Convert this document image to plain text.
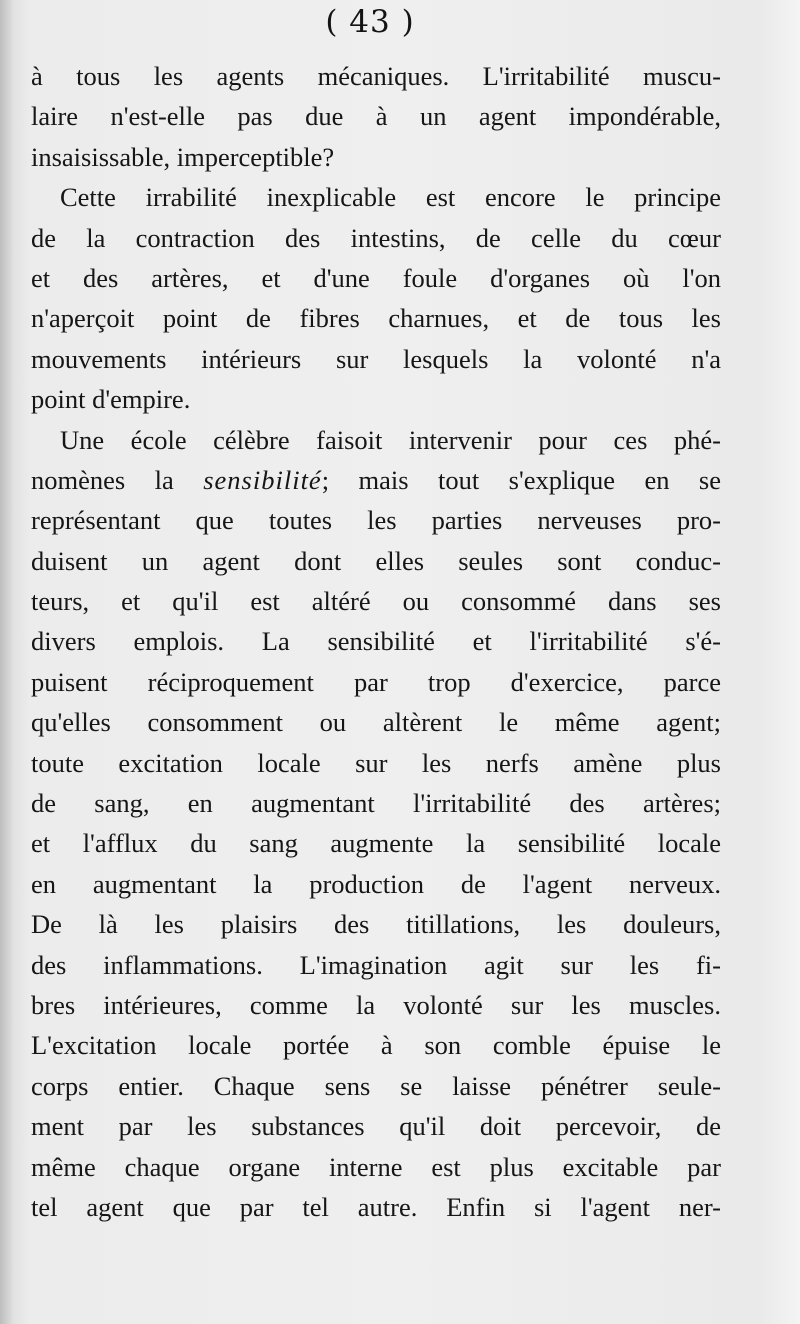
( 43 )
à tous les agents mécaniques. L'irritabilité muscu-
laire n'est-elle pas due à un agent impondérable,
insaisissable, imperceptible?
Cette irrabilité inexplicable est encore le principe
de la contraction des intestins, de celle du cœur
et des artères, et d'une foule d'organes où l'on
n'aperçoit point de fibres charnues, et de tous les
mouvements intérieurs sur lesquels la volonté n'a
point d'empire.
Une école célèbre faisoit intervenir pour ces phé-
nomènes la sensibilité; mais tout s'explique en se
représentant que toutes les parties nerveuses pro-
duisent un agent dont elles seules sont conduc-
teurs, et qu'il est altéré ou consommé dans ses
divers emplois. La sensibilité et l'irritabilité s'é-
puisent réciproquement par trop d'exercice, parce
qu'elles consomment ou altèrent le même agent;
toute excitation locale sur les nerfs amène plus
de sang, en augmentant l'irritabilité des artères;
et l'afflux du sang augmente la sensibilité locale
en augmentant la production de l'agent nerveux.
De là les plaisirs des titillations, les douleurs,
des inflammations. L'imagination agit sur les fi-
bres intérieures, comme la volonté sur les muscles.
L'excitation locale portée à son comble épuise le
corps entier. Chaque sens se laisse pénétrer seule-
ment par les substances qu'il doit percevoir, de
même chaque organe interne est plus excitable par
tel agent que par tel autre. Enfin si l'agent ner-
